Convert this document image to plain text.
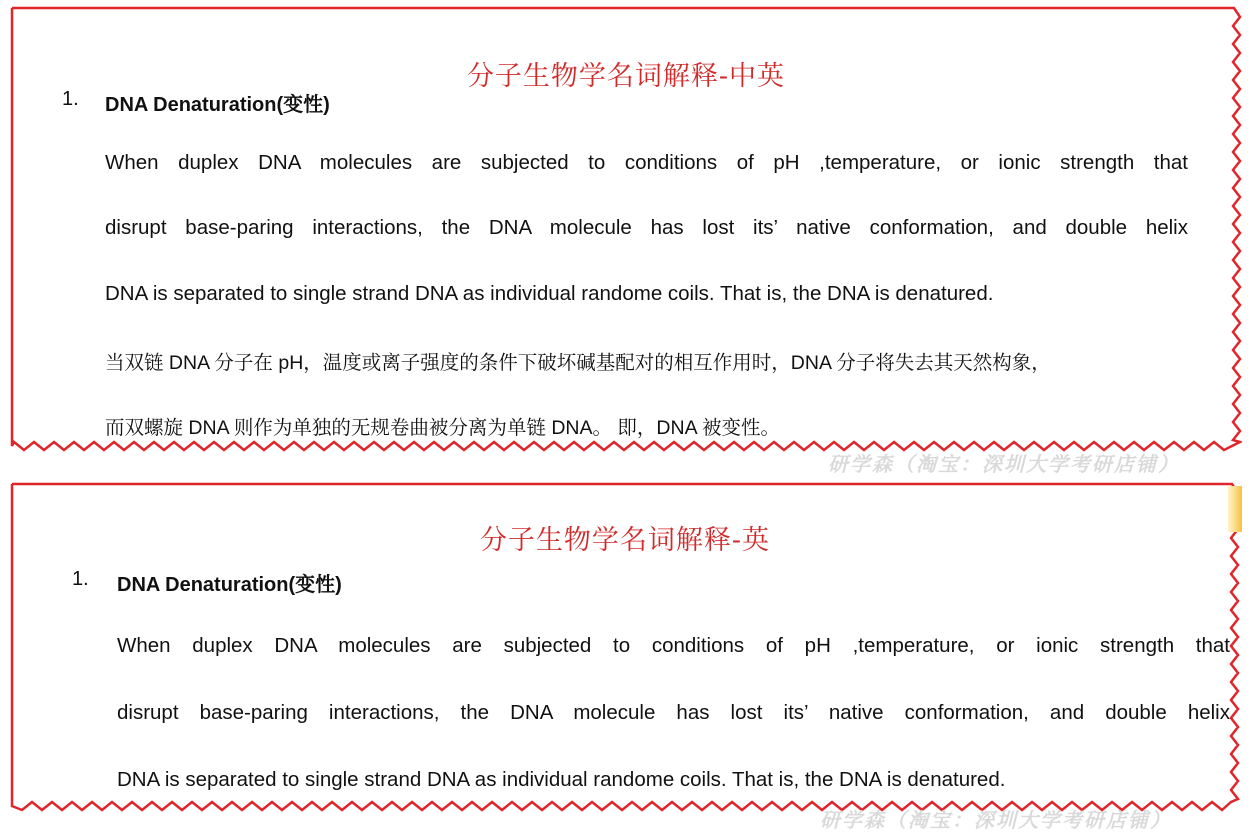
分子生物学名词解释-中英
1. DNA Denaturation(变性)
When duplex DNA molecules are subjected to conditions of pH ,temperature, or ionic strength that
disrupt base-paring interactions, the DNA molecule has lost its’ native conformation, and double helix
DNA is separated to single strand DNA as individual randome coils. That is, the DNA is denatured.
当双链 DNA 分子在 pH，温度或离子强度的条件下破坏碱基配对的相互作用时，DNA 分子将失去其天然构象，
而双螺旋 DNA 则作为单独的无规卷曲被分离为单链 DNA。 即，DNA 被变性。
研学森（淘宝：深圳大学考研店铺）
分子生物学名词解释-英
1. DNA Denaturation(变性)
When duplex DNA molecules are subjected to conditions of pH ,temperature, or ionic strength that
disrupt base-paring interactions, the DNA molecule has lost its’ native conformation, and double helix
DNA is separated to single strand DNA as individual randome coils. That is, the DNA is denatured.
研学森（淘宝：深圳大学考研店铺）
